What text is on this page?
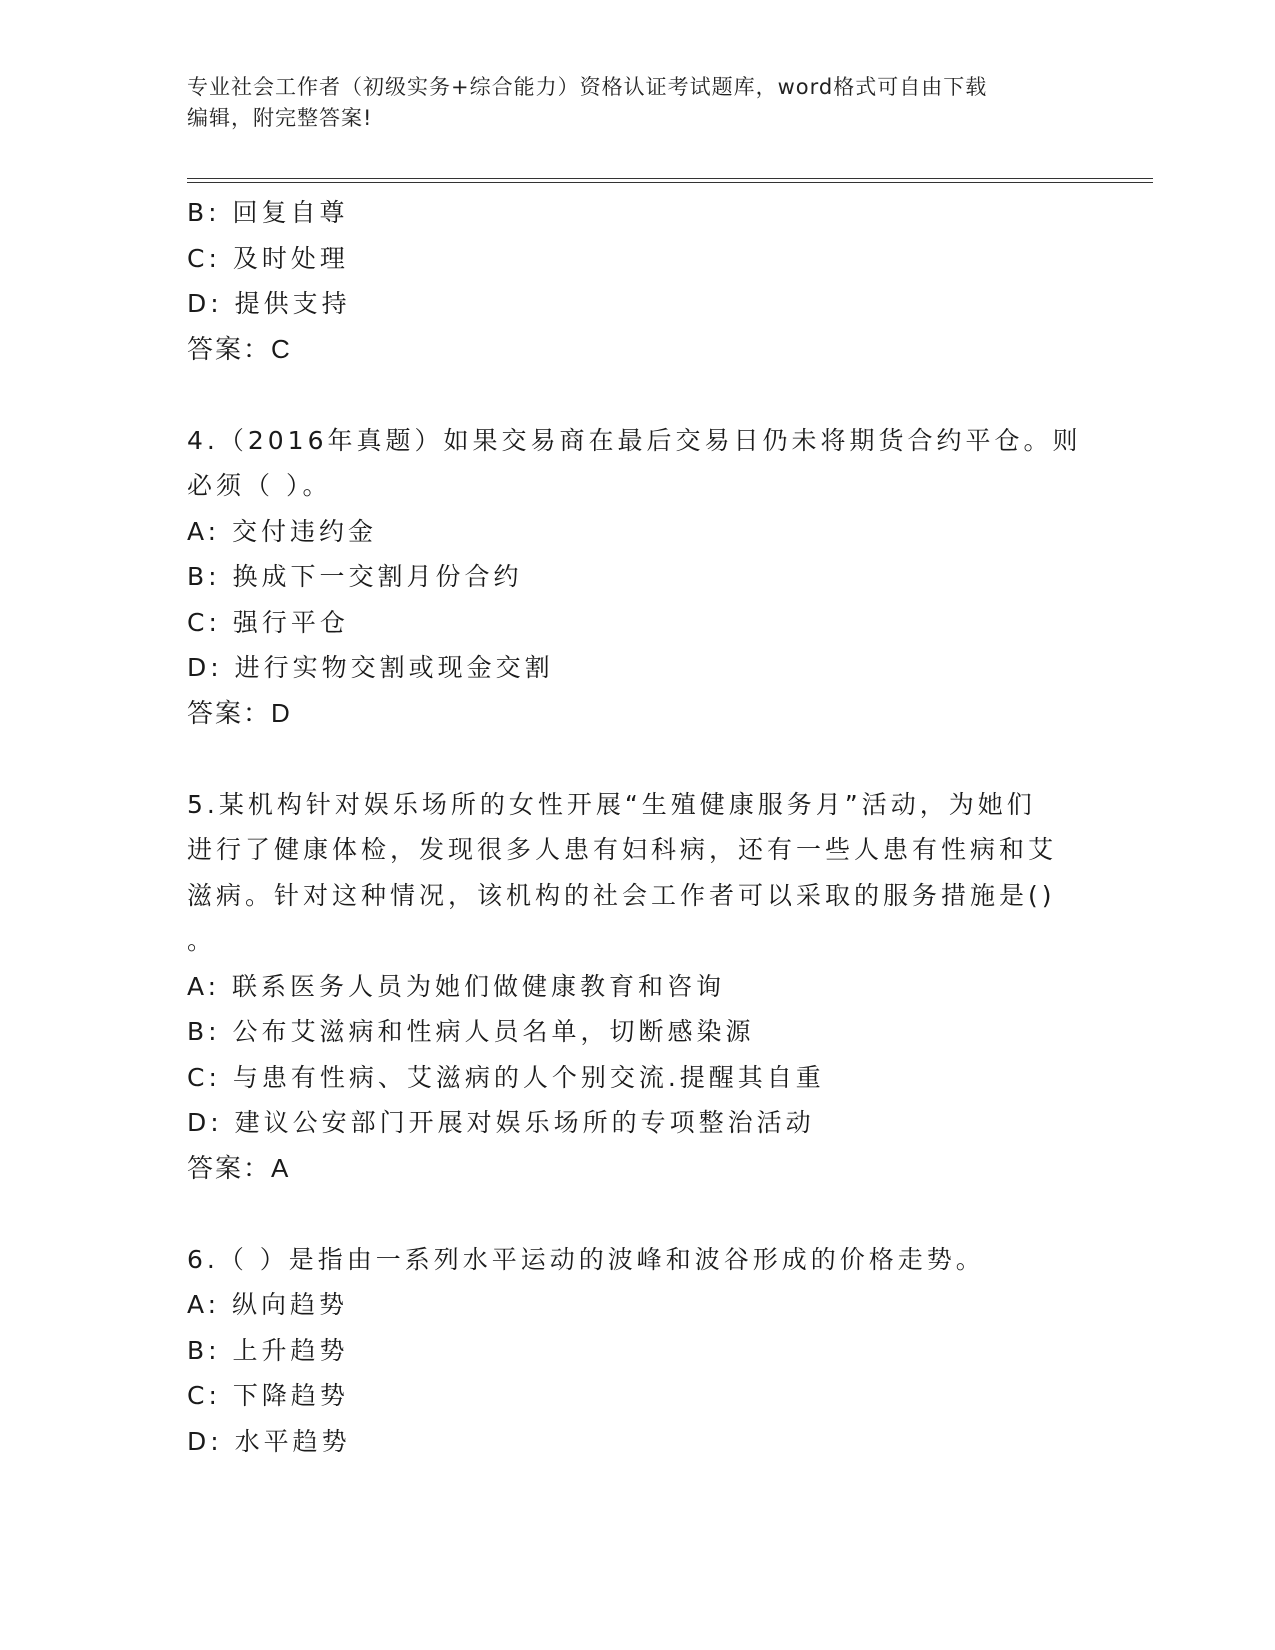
专业社会工作者（初级实务+综合能力）资格认证考试题库，word格式可自由下载
编辑，附完整答案!
B: 回复自尊
C: 及时处理
D: 提供支持
答案：C
4.（2016年真题）如果交易商在最后交易日仍未将期货合约平仓。则
必须（ ）。
A: 交付违约金
B: 换成下一交割月份合约
C: 强行平仓
D: 进行实物交割或现金交割
答案：D
5.某机构针对娱乐场所的女性开展“生殖健康服务月”活动，为她们
进行了健康体检，发现很多人患有妇科病，还有一些人患有性病和艾
滋病。针对这种情况，该机构的社会工作者可以采取的服务措施是()
。
A: 联系医务人员为她们做健康教育和咨询
B: 公布艾滋病和性病人员名单，切断感染源
C: 与患有性病、艾滋病的人个别交流.提醒其自重
D: 建议公安部门开展对娱乐场所的专项整治活动
答案：A
6.（ ）是指由一系列水平运动的波峰和波谷形成的价格走势。
A: 纵向趋势
B: 上升趋势
C: 下降趋势
D: 水平趋势
